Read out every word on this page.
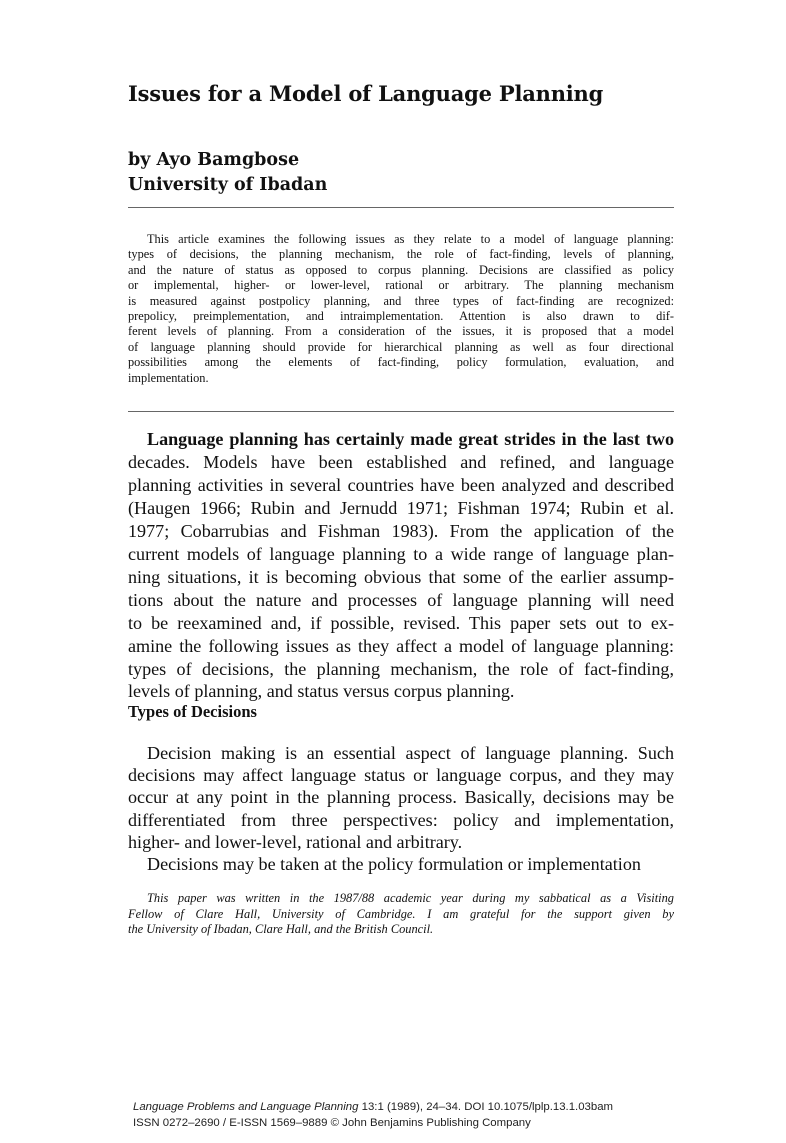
Issues for a Model of Language Planning
by Ayo Bamgbose
University of Ibadan
This article examines the following issues as they relate to a model of language planning:
types of decisions, the planning mechanism, the role of fact-finding, levels of planning,
and the nature of status as opposed to corpus planning. Decisions are classified as policy
or implemental, higher- or lower-level, rational or arbitrary. The planning mechanism
is measured against postpolicy planning, and three types of fact-finding are recognized:
prepolicy, preimplementation, and intraimplementation. Attention is also drawn to dif-
ferent levels of planning. From a consideration of the issues, it is proposed that a model
of language planning should provide for hierarchical planning as well as four directional
possibilities among the elements of fact-finding, policy formulation, evaluation, and
implementation.
Language planning has certainly made great strides in the last two
decades. Models have been established and refined, and language
planning activities in several countries have been analyzed and described
(Haugen 1966; Rubin and Jernudd 1971; Fishman 1974; Rubin et al.
1977; Cobarrubias and Fishman 1983). From the application of the
current models of language planning to a wide range of language plan-
ning situations, it is becoming obvious that some of the earlier assump-
tions about the nature and processes of language planning will need
to be reexamined and, if possible, revised. This paper sets out to ex-
amine the following issues as they affect a model of language planning:
types of decisions, the planning mechanism, the role of fact-finding,
levels of planning, and status versus corpus planning.
Types of Decisions
Decision making is an essential aspect of language planning. Such
decisions may affect language status or language corpus, and they may
occur at any point in the planning process. Basically, decisions may be
differentiated from three perspectives: policy and implementation,
higher- and lower-level, rational and arbitrary.
Decisions may be taken at the policy formulation or implementation
This paper was written in the 1987/88 academic year during my sabbatical as a Visiting
Fellow of Clare Hall, University of Cambridge. I am grateful for the support given by
the University of Ibadan, Clare Hall, and the British Council.
Language Problems and Language Planning 13:1 (1989), 24–34. DOI 10.1075/lplp.13.1.03bam
ISSN 0272–2690 / E-ISSN 1569–9889 © John Benjamins Publishing Company
